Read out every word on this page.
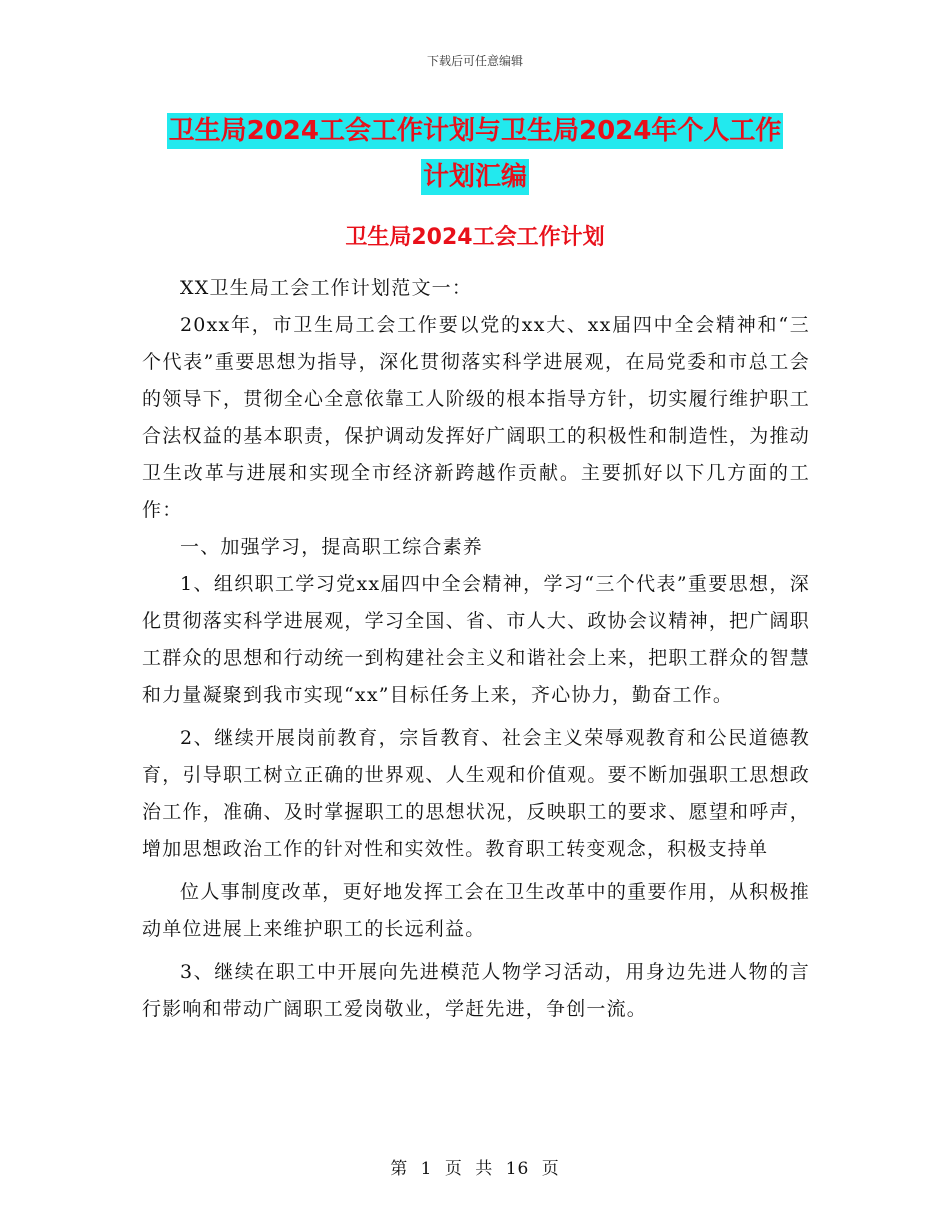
下载后可任意编辑
卫生局2024工会工作计划与卫生局2024年个人工作
计划汇编
卫生局2024工会工作计划

XX卫生局工会工作计划范文一：

20xx年，市卫生局工会工作要以党的xx大、xx届四中全会精神和“三个代表”重要思想为指导，深化贯彻落实科学进展观，在局党委和市总工会的领导下，贯彻全心全意依靠工人阶级的根本指导方针，切实履行维护职工合法权益的基本职责，保护调动发挥好广阔职工的积极性和制造性，为推动卫生改革与进展和实现全市经济新跨越作贡献。主要抓好以下几方面的工作：

一、加强学习，提高职工综合素养

1、组织职工学习党xx届四中全会精神，学习“三个代表”重要思想，深化贯彻落实科学进展观，学习全国、省、市人大、政协会议精神，把广阔职工群众的思想和行动统一到构建社会主义和谐社会上来，把职工群众的智慧和力量凝聚到我市实现“xx”目标任务上来，齐心协力，勤奋工作。

2、继续开展岗前教育，宗旨教育、社会主义荣辱观教育和公民道德教育，引导职工树立正确的世界观、人生观和价值观。要不断加强职工思想政治工作，准确、及时掌握职工的思想状况，反映职工的要求、愿望和呼声，增加思想政治工作的针对性和实效性。教育职工转变观念，积极支持单

位人事制度改革，更好地发挥工会在卫生改革中的重要作用，从积极推动单位进展上来维护职工的长远利益。

3、继续在职工中开展向先进模范人物学习活动，用身边先进人物的言行影响和带动广阔职工爱岗敬业，学赶先进，争创一流。

第 1 页 共 16 页
